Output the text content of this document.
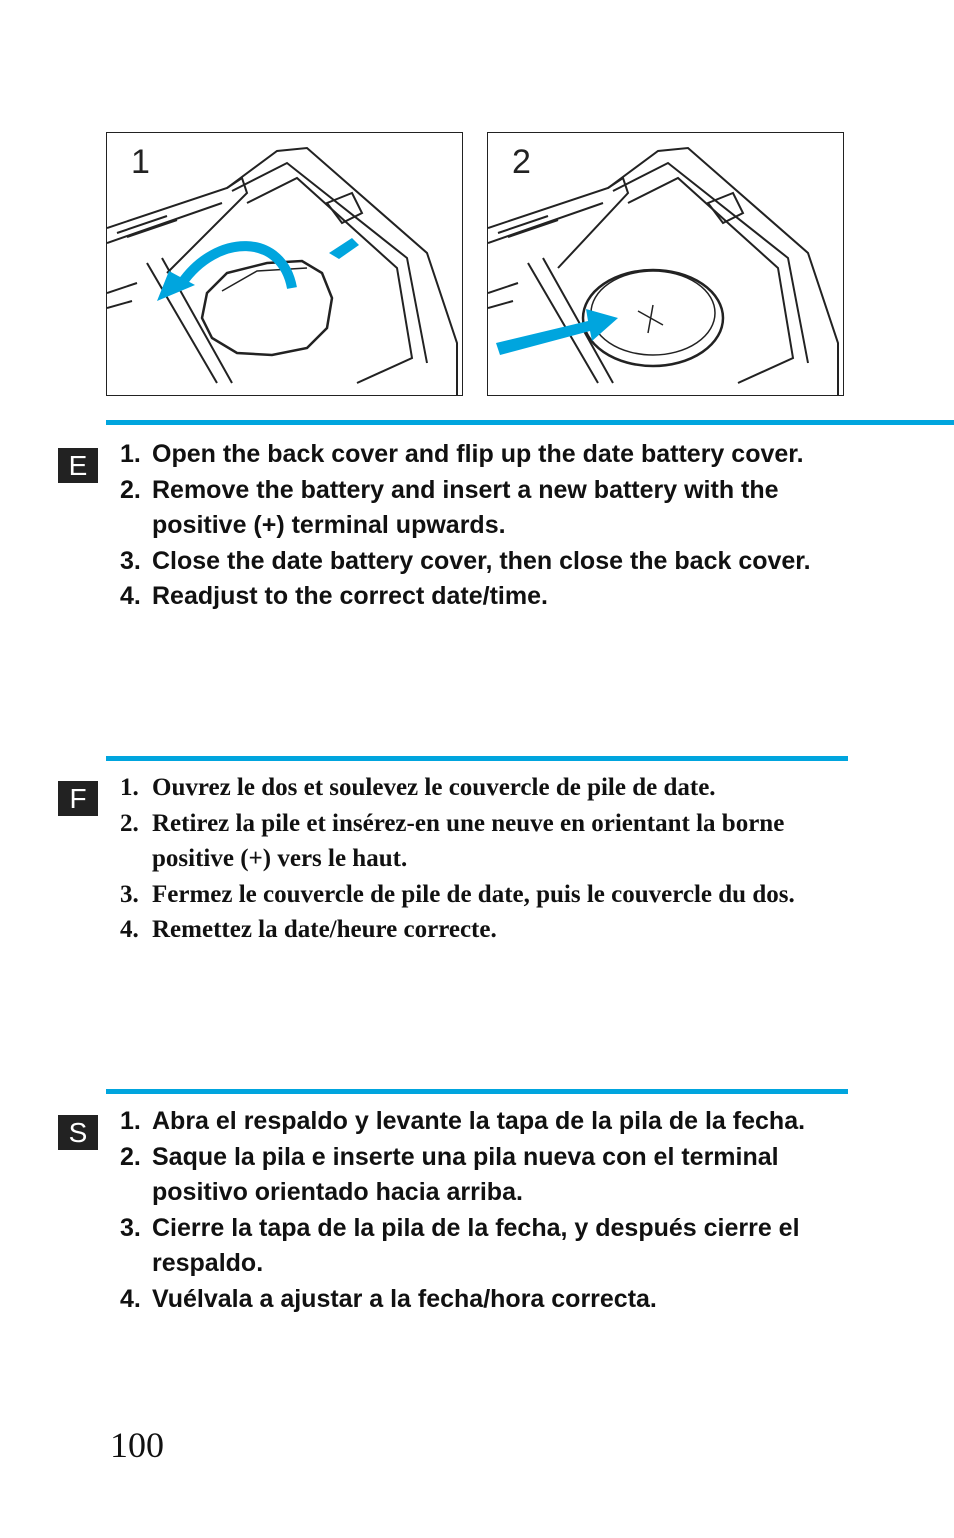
1	2
E	1. Open the back cover and flip up the date battery cover.
2. Remove the battery and insert a new battery with the positive (+) terminal upwards.
3. Close the date battery cover, then close the back cover.
4. Readjust to the correct date/time.
F	1. Ouvrez le dos et soulevez le couvercle de pile de date.
2. Retirez la pile et insérez-en une neuve en orientant la borne positive (+) vers le haut.
3. Fermez le couvercle de pile de date, puis le couvercle du dos.
4. Remettez la date/heure correcte.
S	1. Abra el respaldo y levante la tapa de la pila de la fecha.
2. Saque la pila e inserte una pila nueva con el terminal positivo orientado hacia arriba.
3. Cierre la tapa de la pila de la fecha, y después cierre el respaldo.
4. Vuélvala a ajustar a la fecha/hora correcta.
100
